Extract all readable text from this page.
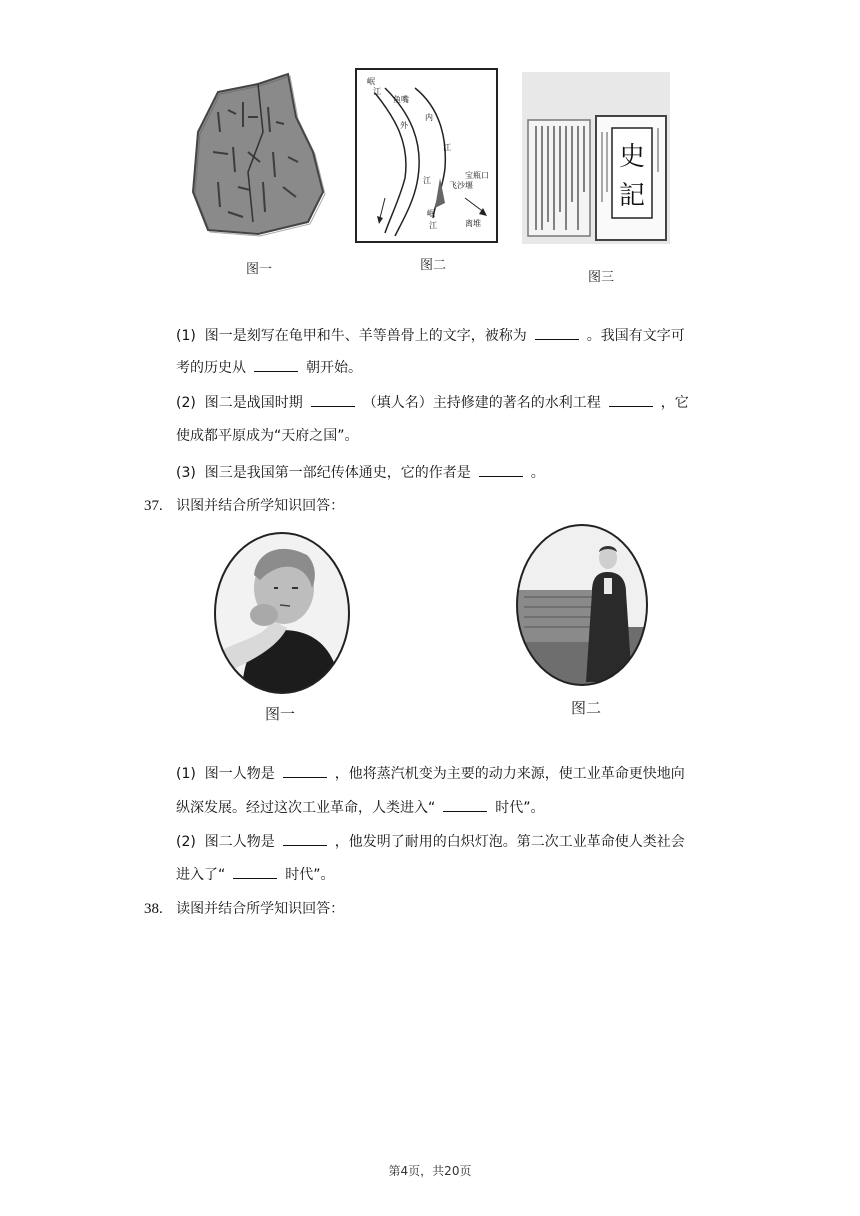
图一
岷
江
鱼嘴
外
内
江
江
飞沙堰
宝瓶口
离堆
岷
江
图二
史
記
图三
(1) 图一是刻写在龟甲和牛、羊等兽骨上的文字，被称为	。我国有文字可
考的历史从	朝开始。
(2) 图二是战国时期	（填人名）主持修建的著名的水利工程	，它
使成都平原成为“天府之国”。
(3) 图三是我国第一部纪传体通史，它的作者是	。
37. 识图并结合所学知识回答：
图一	图二
(1) 图一人物是	，他将蒸汽机变为主要的动力来源，使工业革命更快地向
纵深发展。经过这次工业革命，人类进入“	时代”。
(2) 图二人物是	，他发明了耐用的白炽灯泡。第二次工业革命使人类社会
进入了“	时代”。
38. 读图并结合所学知识回答：
第4页，共20页
